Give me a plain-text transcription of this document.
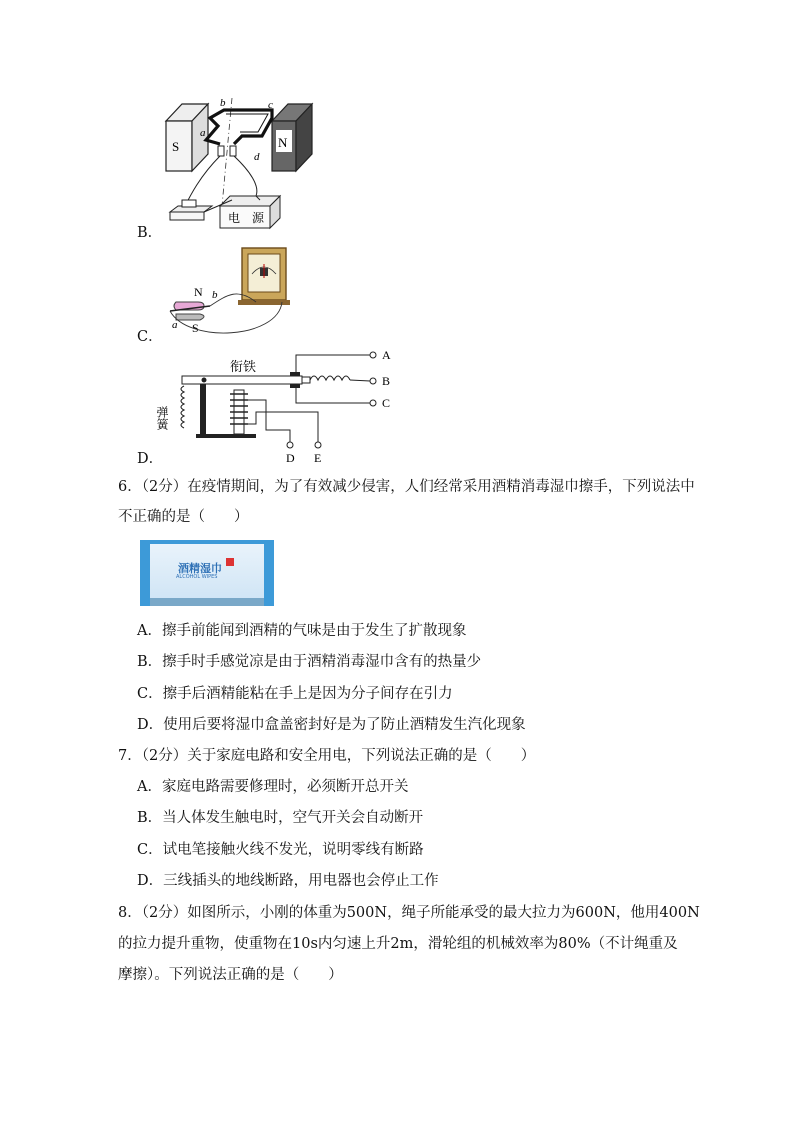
B．
S	N
a
b	c
d
电　源
C．
N
S
a
b
D．
A
B
C
衔铁
弹簧
D E
6．（2分）在疫情期间，为了有效减少侵害，人们经常采用酒精消毒湿巾擦手，下列说法中
不正确的是（　　）
酒精湿巾
ALCOHOL WIPES
A．擦手前能闻到酒精的气味是由于发生了扩散现象
B．擦手时手感觉凉是由于酒精消毒湿巾含有的热量少
C．擦手后酒精能粘在手上是因为分子间存在引力
D．使用后要将湿巾盒盖密封好是为了防止酒精发生汽化现象
7．（2分）关于家庭电路和安全用电，下列说法正确的是（　　）
A．家庭电路需要修理时，必须断开总开关
B．当人体发生触电时，空气开关会自动断开
C．试电笔接触火线不发光，说明零线有断路
D．三线插头的地线断路，用电器也会停止工作
8．（2分）如图所示，小刚的体重为500N，绳子所能承受的最大拉力为600N，他用400N
的拉力提升重物，使重物在10s内匀速上升2m，滑轮组的机械效率为80%（不计绳重及
摩擦）。下列说法正确的是（　　）
